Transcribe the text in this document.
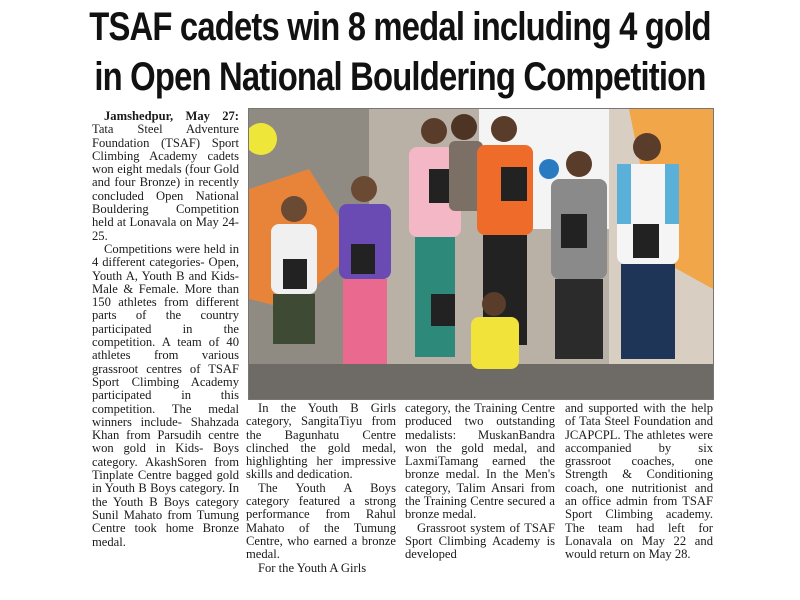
TSAF cadets win 8 medal including 4 gold
in Open National Bouldering Competition

Jamshedpur, May 27: Tata Steel Adventure Foundation (TSAF) Sport Climbing Academy cadets won eight medals (four Gold and four Bronze) in recently concluded Open National Bouldering Competition held at Lonavala on May 24-25.

Competitions were held in 4 different categories- Open, Youth A, Youth B and Kids-Male & Female. More than 150 athletes from different parts of the country participated in the competition. A team of 40 athletes from various grassroot centres of TSAF Sport Climbing Academy participated in this competition. The medal winners include- Shahzada Khan from Parsudih centre won gold in Kids- Boys category. AkashSoren from Tinplate Centre bagged gold in Youth B Boys category. In the Youth B Boys category Sunil Mahato from Tumung Centre took home Bronze medal.

In the Youth B Girls category, SangitaTiyu from the Bagunhatu Centre clinched the gold medal, highlighting her impressive skills and dedication.

The Youth A Boys category featured a strong performance from Rahul Mahato of the Tumung Centre, who earned a bronze medal.

For the Youth A Girls

category, the Training Centre produced two outstanding medalists: MuskanBandra won the gold medal, and LaxmiTamang earned the bronze medal. In the Men's category, Talim Ansari from the Training Centre secured a bronze medal.

Grassroot system of TSAF Sport Climbing Academy is developed

and supported with the help of Tata Steel Foundation and JCAPCPL. The athletes were accompanied by six grassroot coaches, one Strength & Conditioning coach, one nutritionist and an office admin from TSAF Sport Climbing academy. The team had left for Lonavala on May 22 and would return on May 28.
